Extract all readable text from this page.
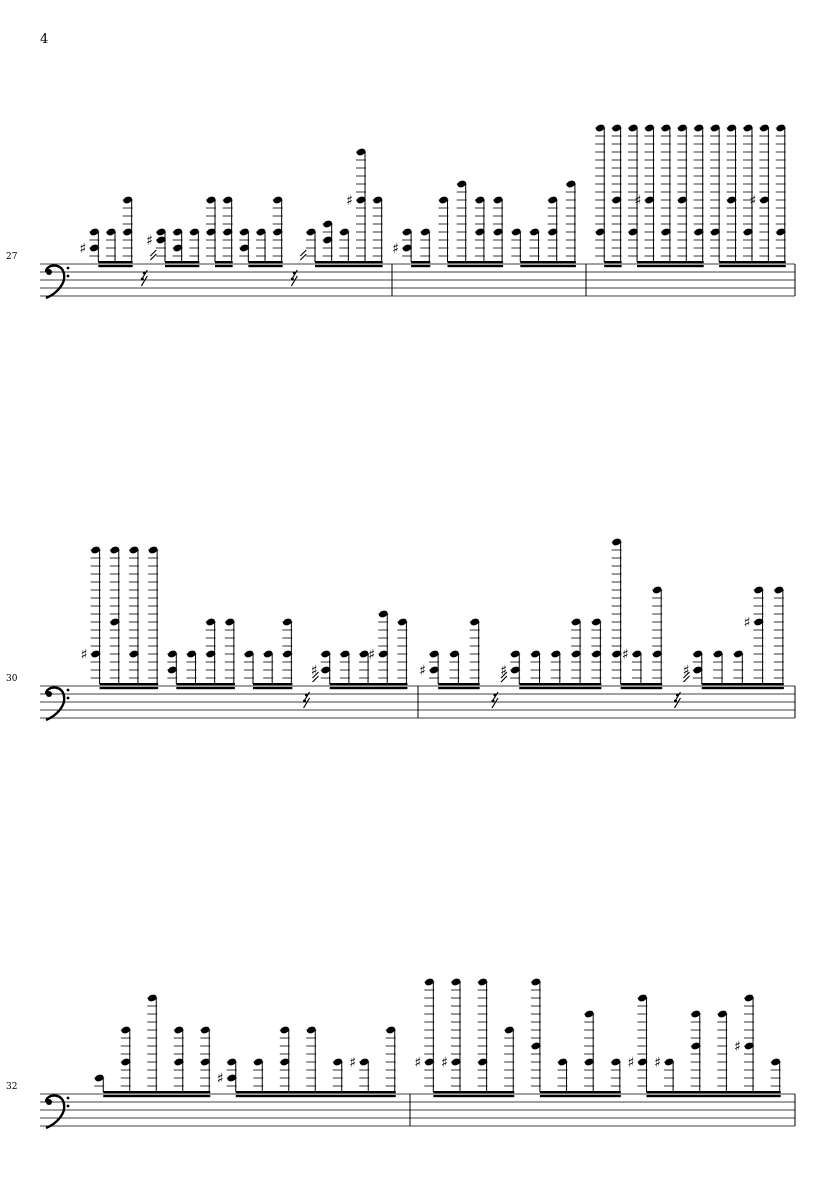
4
27
30
32
♯	♯
♯
♯
♯	♯
♯
♯
♯
♯	♯
♯
♯
♯
♯
♯	♯ ♯	♯ ♯
♯
